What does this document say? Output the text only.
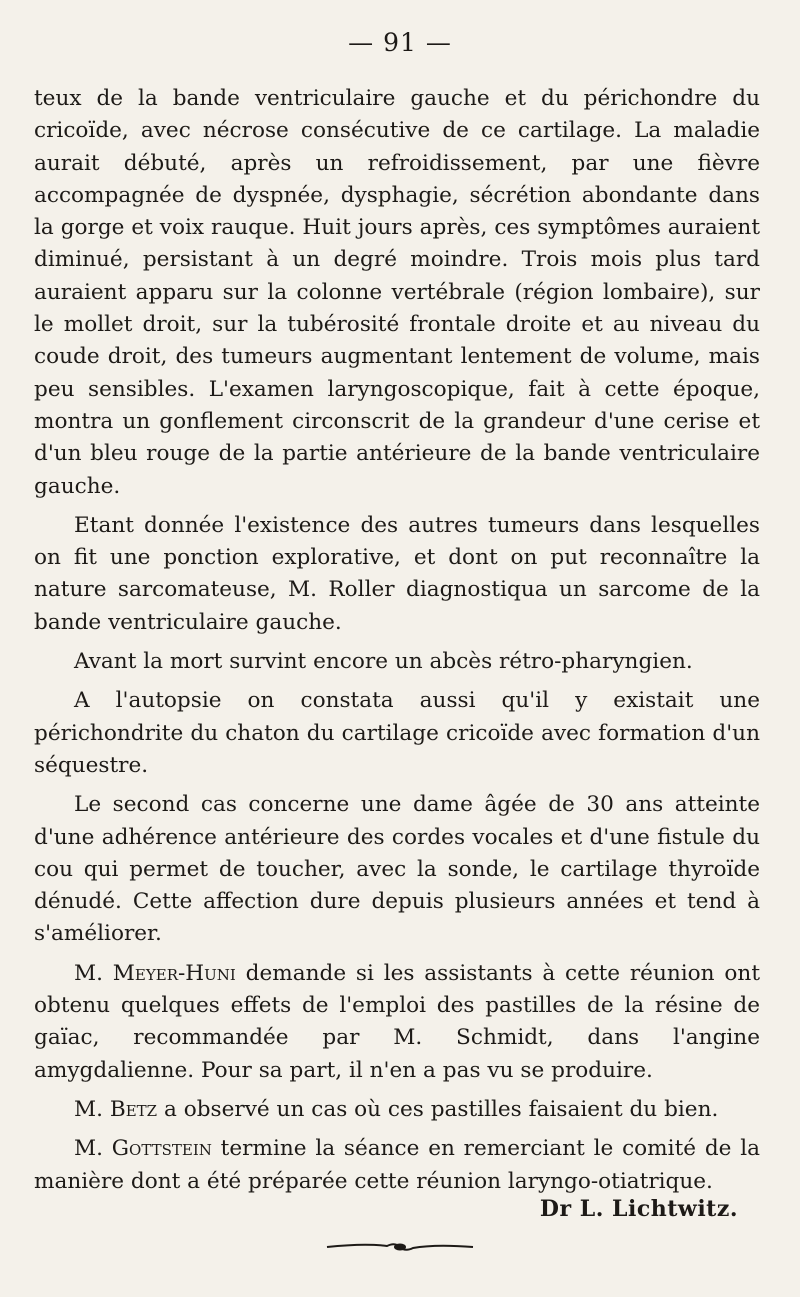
— 91 —

teux de la bande ventriculaire gauche et du périchondre du cricoïde, avec nécrose consécutive de ce cartilage. La maladie aurait débuté, après un refroidissement, par une fièvre accompagnée de dyspnée, dysphagie, sécrétion abondante dans la gorge et voix rauque. Huit jours après, ces symptômes auraient diminué, persistant à un degré moindre. Trois mois plus tard auraient apparu sur la colonne vertébrale (région lombaire), sur le mollet droit, sur la tubérosité frontale droite et au niveau du coude droit, des tumeurs augmentant lentement de volume, mais peu sensibles. L'examen laryngoscopique, fait à cette époque, montra un gonflement circonscrit de la grandeur d'une cerise et d'un bleu rouge de la partie antérieure de la bande ventriculaire gauche.

Etant donnée l'existence des autres tumeurs dans lesquelles on fit une ponction explorative, et dont on put reconnaître la nature sarcomateuse, M. Roller diagnostiqua un sarcome de la bande ventriculaire gauche.

Avant la mort survint encore un abcès rétro-pharyngien.

A l'autopsie on constata aussi qu'il y existait une périchondrite du chaton du cartilage cricoïde avec formation d'un séquestre.

Le second cas concerne une dame âgée de 30 ans atteinte d'une adhérence antérieure des cordes vocales et d'une fistule du cou qui permet de toucher, avec la sonde, le cartilage thyroïde dénudé. Cette affection dure depuis plusieurs années et tend à s'améliorer.

M. Meyer-Huni demande si les assistants à cette réunion ont obtenu quelques effets de l'emploi des pastilles de la résine de gaïac, recommandée par M. Schmidt, dans l'angine amygdalienne. Pour sa part, il n'en a pas vu se produire.

M. Betz a observé un cas où ces pastilles faisaient du bien.

M. Gottstein termine la séance en remerciant le comité de la manière dont a été préparée cette réunion laryngo-otiatrique.

Dr L. Lichtwitz.
